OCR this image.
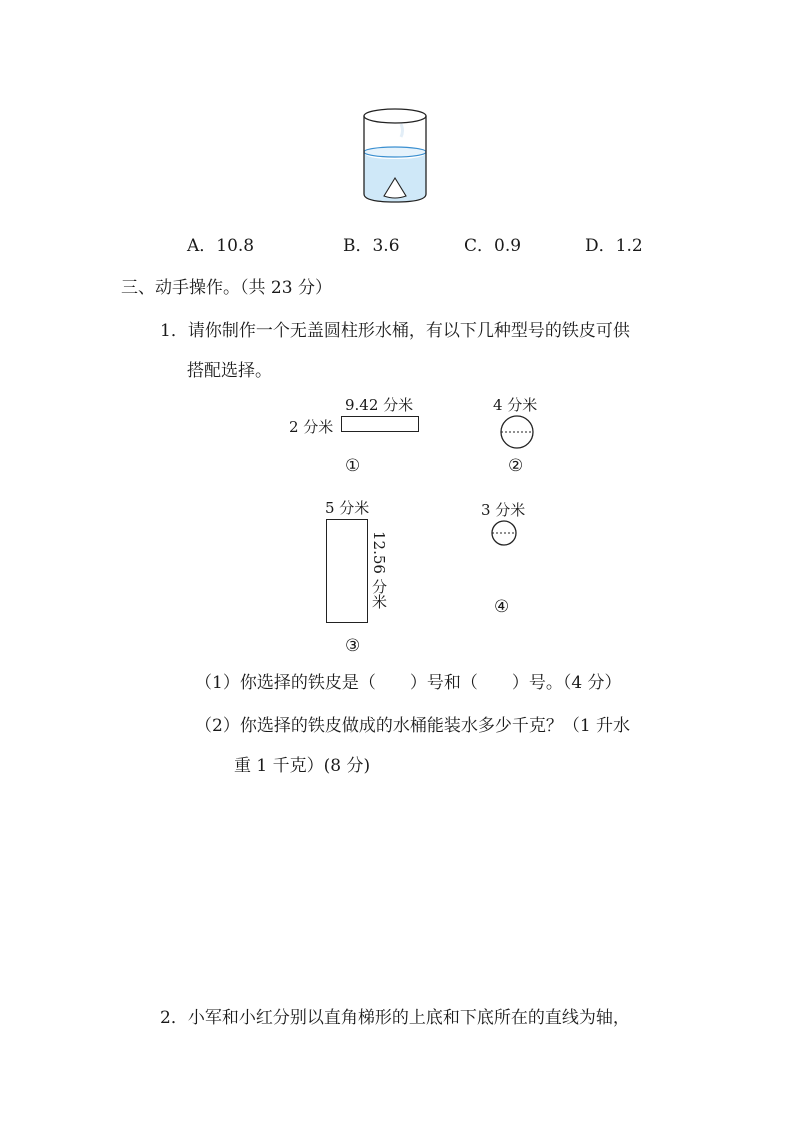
A．10.8	B．3.6	C．0.9	D．1.2
三、动手操作。（共 23 分）
1．请你制作一个无盖圆柱形水桶，有以下几种型号的铁皮可供
搭配选择。
9.42 分米
2 分米
①
4 分米
②
5 分米
12.56 分米
③
3 分米
④
（1）你选择的铁皮是（　　）号和（　　）号。（4 分）
（2）你选择的铁皮做成的水桶能装水多少千克？（1 升水
重 1 千克）(8 分)
2．小军和小红分别以直角梯形的上底和下底所在的直线为轴，
